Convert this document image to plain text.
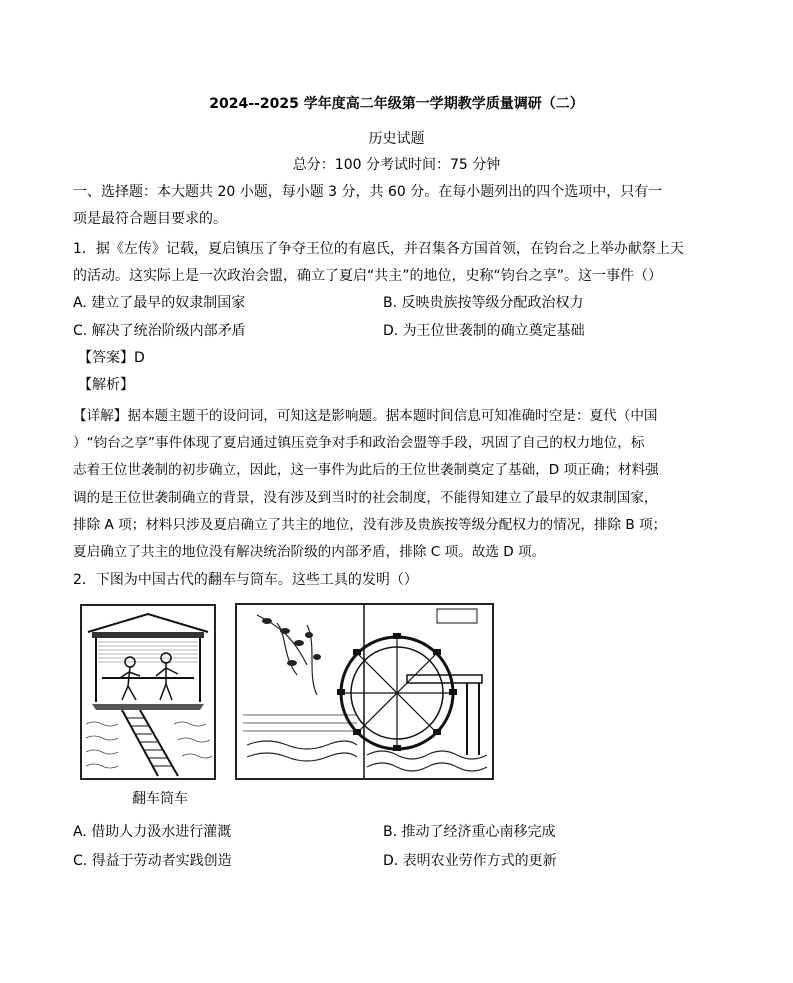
2024--2025 学年度高二年级第一学期教学质量调研（二）
历史试题
总分：100 分考试时间：75 分钟
一、选择题：本大题共 20 小题，每小题 3 分，共 60 分。在每小题列出的四个选项中，只有一
项是最符合题目要求的。
1．据《左传》记载，夏启镇压了争夺王位的有扈氏，并召集各方国首领，在钧台之上举办献祭上天
的活动。这实际上是一次政治会盟，确立了夏启“共主”的地位，史称“钧台之享”。这一事件（）
A. 建立了最早的奴隶制国家	B. 反映贵族按等级分配政治权力
C. 解决了统治阶级内部矛盾	D. 为王位世袭制的确立奠定基础
【答案】D
【解析】
【详解】据本题主题干的设问词，可知这是影响题。据本题时间信息可知准确时空是：夏代（中国
）“钧台之享”事件体现了夏启通过镇压竞争对手和政治会盟等手段，巩固了自己的权力地位，标
志着王位世袭制的初步确立，因此，这一事件为此后的王位世袭制奠定了基础，D 项正确；材料强
调的是王位世袭制确立的背景，没有涉及到当时的社会制度，不能得知建立了最早的奴隶制国家，
排除 A 项；材料只涉及夏启确立了共主的地位，没有涉及贵族按等级分配权力的情况，排除 B 项；
夏启确立了共主的地位没有解决统治阶级的内部矛盾，排除 C 项。故选 D 项。
2．下图为中国古代的翻车与筒车。这些工具的发明（）
翻车筒车
A. 借助人力汲水进行灌溉	B. 推动了经济重心南移完成
C. 得益于劳动者实践创造	D. 表明农业劳作方式的更新
